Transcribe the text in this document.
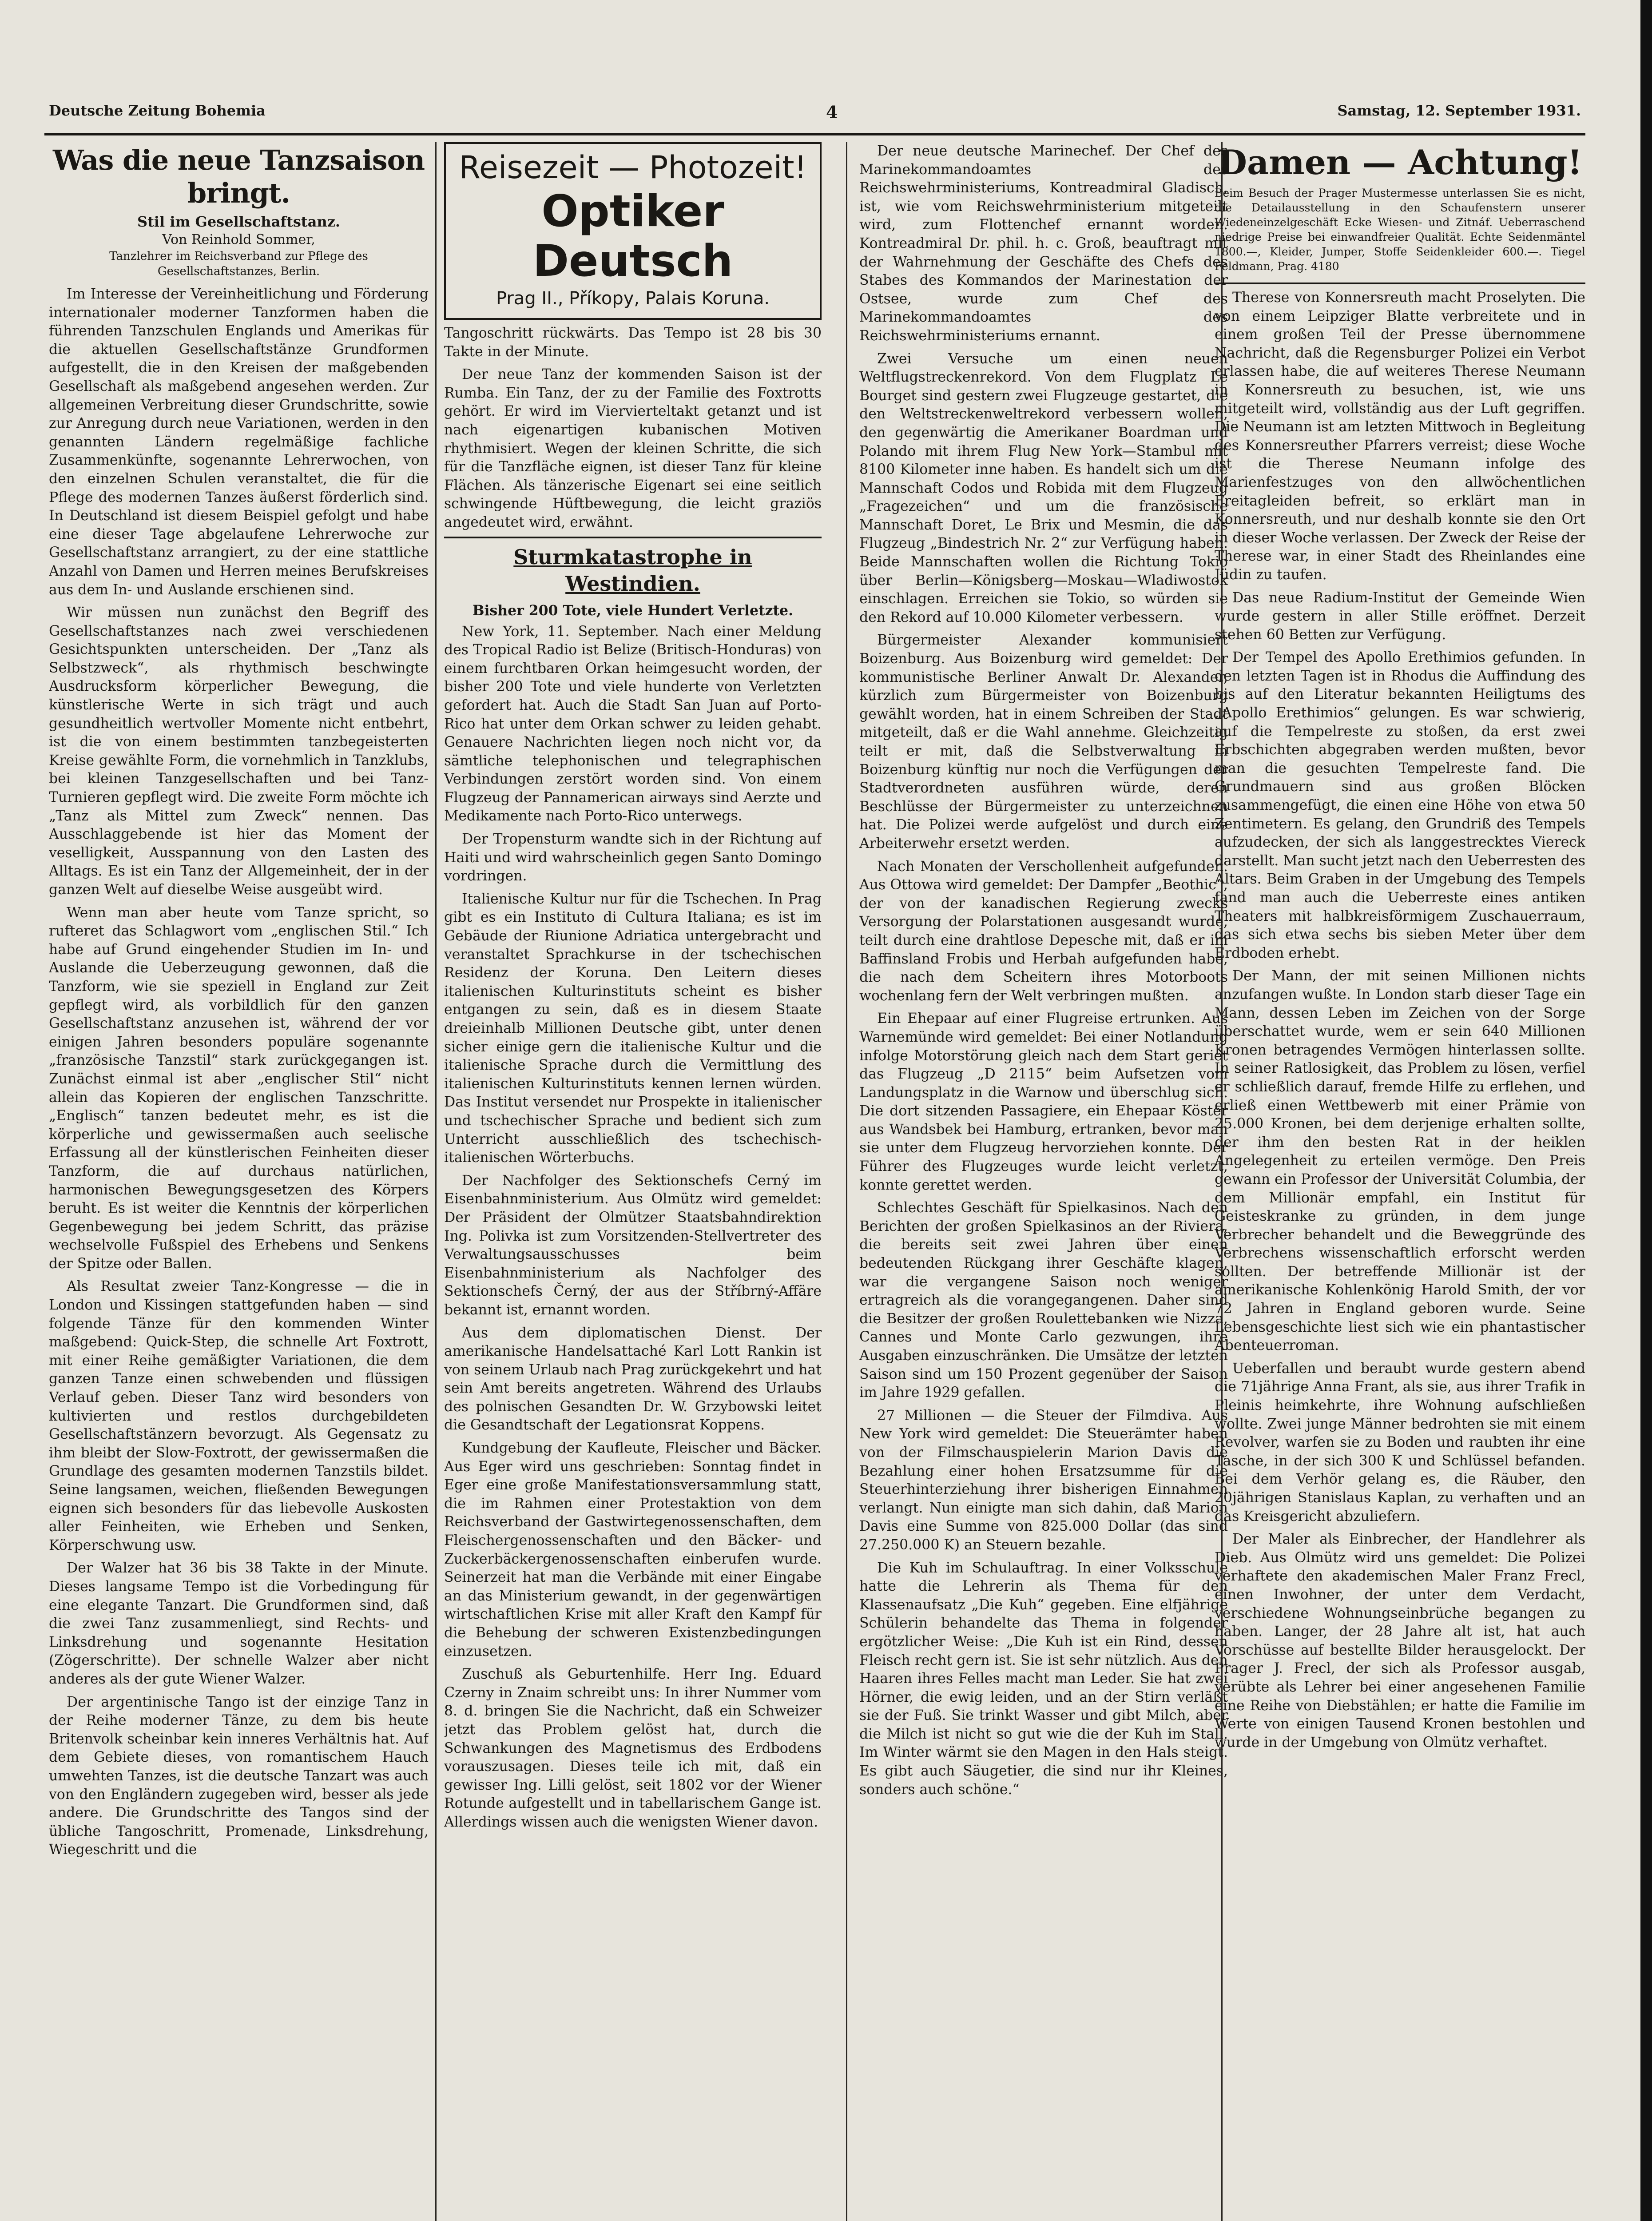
Deutsche Zeitung Bohemia	4	Samstag, 12. September 1931.
Was die neue Tanzsaison bringt.
Stil im Gesellschaftstanz.
Von Reinhold Sommer,
Tanzlehrer im Reichsverband zur Pflege des Gesellschaftstanzes, Berlin.

Im Interesse der Vereinheitlichung und Förderung internationaler moderner Tanzformen haben die führenden Tanzschulen Englands und Amerikas für die aktuellen Gesellschaftstänze Grundformen aufgestellt, die in den Kreisen der maßgebenden Gesellschaft als maßgebend angesehen werden. Zur allgemeinen Verbreitung dieser Grundschritte, sowie zur Anregung durch neue Variationen, werden in den genannten Ländern regelmäßige fachliche Zusammenkünfte, sogenannte Lehrerwochen, von den einzelnen Schulen veranstaltet, die für die Pflege des modernen Tanzes äußerst förderlich sind. In Deutschland ist diesem Beispiel gefolgt und habe eine dieser Tage abgelaufene Lehrerwoche zur Gesellschaftstanz arrangiert, zu der eine stattliche Anzahl von Damen und Herren meines Berufskreises aus dem In- und Auslande erschienen sind.

Wir müssen nun zunächst den Begriff des Gesellschaftstanzes nach zwei verschiedenen Gesichtspunkten unterscheiden. Der „Tanz als Selbstzweck“, als rhythmisch beschwingte Ausdrucksform körperlicher Bewegung, die künstlerische Werte in sich trägt und auch gesundheitlich wertvoller Momente nicht entbehrt, ist die von einem bestimmten tanzbegeisterten Kreise gewählte Form, die vornehmlich in Tanzklubs, bei kleinen Tanzgesellschaften und bei Tanz-Turnieren gepflegt wird. Die zweite Form möchte ich „Tanz als Mittel zum Zweck“ nennen. Das Ausschlaggebende ist hier das Moment der veselligkeit, Ausspannung von den Lasten des Alltags. Es ist ein Tanz der Allgemeinheit, der in der ganzen Welt auf dieselbe Weise ausgeübt wird.

Wenn man aber heute vom Tanze spricht, so rufteret das Schlagwort vom „englischen Stil.“ Ich habe auf Grund eingehender Studien im In- und Auslande die Ueberzeugung gewonnen, daß die Tanzform, wie sie speziell in England zur Zeit gepflegt wird, als vorbildlich für den ganzen Gesellschaftstanz anzusehen ist, während der vor einigen Jahren besonders populäre sogenannte „französische Tanzstil“ stark zurückgegangen ist. Zunächst einmal ist aber „englischer Stil“ nicht allein das Kopieren der englischen Tanzschritte. „Englisch“ tanzen bedeutet mehr, es ist die körperliche und gewissermaßen auch seelische Erfassung all der künstlerischen Feinheiten dieser Tanzform, die auf durchaus natürlichen, harmonischen Bewegungsgesetzen des Körpers beruht. Es ist weiter die Kenntnis der körperlichen Gegenbewegung bei jedem Schritt, das präzise wechselvolle Fußspiel des Erhebens und Senkens der Spitze oder Ballen.

Als Resultat zweier Tanz-Kongresse — die in London und Kissingen stattgefunden haben — sind folgende Tänze für den kommenden Winter maßgebend: Quick-Step, die schnelle Art Foxtrott, mit einer Reihe gemäßigter Variationen, die dem ganzen Tanze einen schwebenden und flüssigen Verlauf geben. Dieser Tanz wird besonders von kultivierten und restlos durchgebildeten Gesellschaftstänzern bevorzugt. Als Gegensatz zu ihm bleibt der Slow-Foxtrott, der gewissermaßen die Grundlage des gesamten modernen Tanzstils bildet. Seine langsamen, weichen, fließenden Bewegungen eignen sich besonders für das liebevolle Auskosten aller Feinheiten, wie Erheben und Senken, Körperschwung usw.

Der Walzer hat 36 bis 38 Takte in der Minute. Dieses langsame Tempo ist die Vorbedingung für eine elegante Tanzart. Die Grundformen sind, daß die zwei Tanz zusammenliegt, sind Rechts- und Linksdrehung und sogenannte Hesitation (Zögerschritte). Der schnelle Walzer aber nicht anderes als der gute Wiener Walzer.

Der argentinische Tango ist der einzige Tanz in der Reihe moderner Tänze, zu dem bis heute Britenvolk scheinbar kein inneres Verhältnis hat. Auf dem Gebiete dieses, von romantischem Hauch umwehten Tanzes, ist die deutsche Tanzart was auch von den Engländern zugegeben wird, besser als jede andere. Die Grundschritte des Tangos sind der übliche Tangoschritt, Promenade, Linksdrehung, Wiegeschritt und die

Reisezeit — Photozeit!
Optiker Deutsch
Prag II., Příkopy, Palais Koruna.

Tangoschritt rückwärts. Das Tempo ist 28 bis 30 Takte in der Minute.

Der neue Tanz der kommenden Saison ist der Rumba. Ein Tanz, der zu der Familie des Foxtrotts gehört. Er wird im Viervierteltakt getanzt und ist nach eigenartigen kubanischen Motiven rhythmisiert. Wegen der kleinen Schritte, die sich für die Tanzfläche eignen, ist dieser Tanz für kleine Flächen. Als tänzerische Eigenart sei eine seitlich schwingende Hüftbewegung, die leicht graziös angedeutet wird, erwähnt.

Sturmkatastrophe in Westindien.
Bisher 200 Tote, viele Hundert Verletzte.

New York, 11. September. Nach einer Meldung des Tropical Radio ist Belize (Britisch-Honduras) von einem furchtbaren Orkan heimgesucht worden, der bisher 200 Tote und viele hunderte von Verletzten gefordert hat. Auch die Stadt San Juan auf Porto-Rico hat unter dem Orkan schwer zu leiden gehabt. Genauere Nachrichten liegen noch nicht vor, da sämtliche telephonischen und telegraphischen Verbindungen zerstört worden sind. Von einem Flugzeug der Pannamerican airways sind Aerzte und Medikamente nach Porto-Rico unterwegs.

Der Tropensturm wandte sich in der Richtung auf Haiti und wird wahrscheinlich gegen Santo Domingo vordringen.

Italienische Kultur nur für die Tschechen. In Prag gibt es ein Instituto di Cultura Italiana; es ist im Gebäude der Riunione Adriatica untergebracht und veranstaltet Sprachkurse in der tschechischen Residenz der Koruna. Den Leitern dieses italienischen Kulturinstituts scheint es bisher entgangen zu sein, daß es in diesem Staate dreieinhalb Millionen Deutsche gibt, unter denen sicher einige gern die italienische Kultur und die italienische Sprache durch die Vermittlung des italienischen Kulturinstituts kennen lernen würden. Das Institut versendet nur Prospekte in italienischer und tschechischer Sprache und bedient sich zum Unterricht ausschließlich des tschechisch-italienischen Wörterbuchs.

Der Nachfolger des Sektionschefs Cerný im Eisenbahnministerium. Aus Olmütz wird gemeldet: Der Präsident der Olmützer Staatsbahndirektion Ing. Polivka ist zum Vorsitzenden-Stellvertreter des Verwaltungsausschusses beim Eisenbahnministerium als Nachfolger des Sektionschefs Černý, der aus der Stříbrný-Affäre bekannt ist, ernannt worden.

Aus dem diplomatischen Dienst. Der amerikanische Handelsattaché Karl Lott Rankin ist von seinem Urlaub nach Prag zurückgekehrt und hat sein Amt bereits angetreten. Während des Urlaubs des polnischen Gesandten Dr. W. Grzybowski leitet die Gesandtschaft der Legationsrat Koppens.

Kundgebung der Kaufleute, Fleischer und Bäcker. Aus Eger wird uns geschrieben: Sonntag findet in Eger eine große Manifestationsversammlung statt, die im Rahmen einer Protestaktion von dem Reichsverband der Gastwirtegenossenschaften, dem Fleischergenossenschaften und den Bäcker- und Zuckerbäckergenossenschaften einberufen wurde. Seinerzeit hat man die Verbände mit einer Eingabe an das Ministerium gewandt, in der gegenwärtigen wirtschaftlichen Krise mit aller Kraft den Kampf für die Behebung der schweren Existenzbedingungen einzusetzen.

Zuschuß als Geburtenhilfe. Herr Ing. Eduard Czerny in Znaim schreibt uns: In ihrer Nummer vom 8. d. bringen Sie die Nachricht, daß ein Schweizer jetzt das Problem gelöst hat, durch die Schwankungen des Magnetismus des Erdbodens vorauszusagen. Dieses teile ich mit, daß ein gewisser Ing. Lilli gelöst, seit 1802 vor der Wiener Rotunde aufgestellt und in tabellarischem Gange ist. Allerdings wissen auch die wenigsten Wiener davon.

Der neue deutsche Marinechef. Der Chef des Marinekommandoamtes des Reichswehrministeriums, Kontreadmiral Gladisch, ist, wie vom Reichswehrministerium mitgeteilt wird, zum Flottenchef ernannt worden. Kontreadmiral Dr. phil. h. c. Groß, beauftragt mit der Wahrnehmung der Geschäfte des Chefs des Stabes des Kommandos der Marinestation der Ostsee, wurde zum Chef des Marinekommandoamtes des Reichswehrministeriums ernannt.

Zwei Versuche um einen neuen Weltflugstreckenrekord. Von dem Flugplatz Le Bourget sind gestern zwei Flugzeuge gestartet, die den Weltstreckenweltrekord verbessern wollen, den gegenwärtig die Amerikaner Boardman und Polando mit ihrem Flug New York—Stambul mit 8100 Kilometer inne haben. Es handelt sich um die Mannschaft Codos und Robida mit dem Flugzeug „Fragezeichen“ und um die französische Mannschaft Doret, Le Brix und Mesmin, die das Flugzeug „Bindestrich Nr. 2“ zur Verfügung haben. Beide Mannschaften wollen die Richtung Tokio über Berlin—Königsberg—Moskau—Wladiwostok einschlagen. Erreichen sie Tokio, so würden sie den Rekord auf 10.000 Kilometer verbessern.

Bürgermeister Alexander kommunisiert Boizenburg. Aus Boizenburg wird gemeldet: Der kommunistische Berliner Anwalt Dr. Alexander, kürzlich zum Bürgermeister von Boizenburg gewählt worden, hat in einem Schreiben der Stadt mitgeteilt, daß er die Wahl annehme. Gleichzeitig teilt er mit, daß die Selbstverwaltung in Boizenburg künftig nur noch die Verfügungen der Stadtverordneten ausführen würde, deren Beschlüsse der Bürgermeister zu unterzeichnen hat. Die Polizei werde aufgelöst und durch eine Arbeiterwehr ersetzt werden.

Nach Monaten der Verschollenheit aufgefunden. Aus Ottowa wird gemeldet: Der Dampfer „Beothic“, der von der kanadischen Regierung zwecks Versorgung der Polarstationen ausgesandt wurde, teilt durch eine drahtlose Depesche mit, daß er im Baffinsland Frobis und Herbah aufgefunden habe, die nach dem Scheitern ihres Motorboots wochenlang fern der Welt verbringen mußten.

Ein Ehepaar auf einer Flugreise ertrunken. Aus Warnemünde wird gemeldet: Bei einer Notlandung infolge Motorstörung gleich nach dem Start geriet das Flugzeug „D 2115“ beim Aufsetzen vom Landungsplatz in die Warnow und überschlug sich. Die dort sitzenden Passagiere, ein Ehepaar Köster aus Wandsbek bei Hamburg, ertranken, bevor man sie unter dem Flugzeug hervorziehen konnte. Der Führer des Flugzeuges wurde leicht verletzt, konnte gerettet werden.

Schlechtes Geschäft für Spielkasinos. Nach den Berichten der großen Spielkasinos an der Riviera, die bereits seit zwei Jahren über einen bedeutenden Rückgang ihrer Geschäfte klagen, war die vergangene Saison noch weniger ertragreich als die vorangegangenen. Daher sind die Besitzer der großen Roulettebanken wie Nizza, Cannes und Monte Carlo gezwungen, ihre Ausgaben einzuschränken. Die Umsätze der letzten Saison sind um 150 Prozent gegenüber der Saison im Jahre 1929 gefallen.

27 Millionen — die Steuer der Filmdiva. Aus New York wird gemeldet: Die Steuerämter haben von der Filmschauspielerin Marion Davis die Bezahlung einer hohen Ersatzsumme für die Steuerhinterziehung ihrer bisherigen Einnahmen verlangt. Nun einigte man sich dahin, daß Marion Davis eine Summe von 825.000 Dollar (das sind 27.250.000 K) an Steuern bezahle.

Die Kuh im Schulauftrag. In einer Volksschule hatte die Lehrerin als Thema für den Klassenaufsatz „Die Kuh“ gegeben. Eine elfjährige Schülerin behandelte das Thema in folgender ergötzlicher Weise: „Die Kuh ist ein Rind, dessen Fleisch recht gern ist. Sie ist sehr nützlich. Aus den Haaren ihres Felles macht man Leder. Sie hat zwei Hörner, die ewig leiden, und an der Stirn verläßt sie der Fuß. Sie trinkt Wasser und gibt Milch, aber die Milch ist nicht so gut wie die der Kuh im Stall. Im Winter wärmt sie den Magen in den Hals steigt. Es gibt auch Säugetier, die sind nur ihr Kleines, sonders auch schöne.“

Damen — Achtung!

Beim Besuch der Prager Mustermesse unterlassen Sie es nicht, die Detailausstellung in den Schaufenstern unserer Wiedeneinzelgeschäft Ecke Wiesen- und Zitnáf. Ueberraschend niedrige Preise bei einwandfreier Qualität. Echte Seidenmäntel 1800.—, Kleider, Jumper, Stoffe Seidenkleider 600.—. Tiegel Feldmann, Prag. 4180

Therese von Konnersreuth macht Proselyten. Die von einem Leipziger Blatte verbreitete und in einem großen Teil der Presse übernommene Nachricht, daß die Regensburger Polizei ein Verbot erlassen habe, die auf weiteres Therese Neumann in Konnersreuth zu besuchen, ist, wie uns mitgeteilt wird, vollständig aus der Luft gegriffen. Die Neumann ist am letzten Mittwoch in Begleitung des Konnersreuther Pfarrers verreist; diese Woche ist die Therese Neumann infolge des Marienfestzuges von den allwöchentlichen Freitagleiden befreit, so erklärt man in Konnersreuth, und nur deshalb konnte sie den Ort in dieser Woche verlassen. Der Zweck der Reise der Therese war, in einer Stadt des Rheinlandes eine Jüdin zu taufen.

Das neue Radium-Institut der Gemeinde Wien wurde gestern in aller Stille eröffnet. Derzeit stehen 60 Betten zur Verfügung.

Der Tempel des Apollo Erethimios gefunden. In den letzten Tagen ist in Rhodus die Auffindung des bis auf den Literatur bekannten Heiligtums des „Apollo Erethimios“ gelungen. Es war schwierig, auf die Tempelreste zu stoßen, da erst zwei Erbschichten abgegraben werden mußten, bevor man die gesuchten Tempelreste fand. Die Grundmauern sind aus großen Blöcken zusammengefügt, die einen eine Höhe von etwa 50 Zentimetern. Es gelang, den Grundriß des Tempels aufzudecken, der sich als langgestrecktes Viereck darstellt. Man sucht jetzt nach den Ueberresten des Altars. Beim Graben in der Umgebung des Tempels fand man auch die Ueberreste eines antiken Theaters mit halbkreisförmigem Zuschauerraum, das sich etwa sechs bis sieben Meter über dem Erdboden erhebt.

Der Mann, der mit seinen Millionen nichts anzufangen wußte. In London starb dieser Tage ein Mann, dessen Leben im Zeichen von der Sorge überschattet wurde, wem er sein 640 Millionen Kronen betragendes Vermögen hinterlassen sollte. In seiner Ratlosigkeit, das Problem zu lösen, verfiel er schließlich darauf, fremde Hilfe zu erflehen, und erließ einen Wettbewerb mit einer Prämie von 25.000 Kronen, bei dem derjenige erhalten sollte, der ihm den besten Rat in der heiklen Angelegenheit zu erteilen vermöge. Den Preis gewann ein Professor der Universität Columbia, der dem Millionär empfahl, ein Institut für Geisteskranke zu gründen, in dem junge Verbrecher behandelt und die Beweggründe des Verbrechens wissenschaftlich erforscht werden sollten. Der betreffende Millionär ist der amerikanische Kohlenkönig Harold Smith, der vor 72 Jahren in England geboren wurde. Seine Lebensgeschichte liest sich wie ein phantastischer Abenteuerroman.

Ueberfallen und beraubt wurde gestern abend die 71jährige Anna Frant, als sie, aus ihrer Trafik in Pleinis heimkehrte, ihre Wohnung aufschließen wollte. Zwei junge Männer bedrohten sie mit einem Revolver, warfen sie zu Boden und raubten ihr eine Tasche, in der sich 300 K und Schlüssel befanden. Bei dem Verhör gelang es, die Räuber, den 20jährigen Stanislaus Kaplan, zu verhaften und an das Kreisgericht abzuliefern.

Der Maler als Einbrecher, der Handlehrer als Dieb. Aus Olmütz wird uns gemeldet: Die Polizei verhaftete den akademischen Maler Franz Frecl, einen Inwohner, der unter dem Verdacht, verschiedene Wohnungseinbrüche begangen zu haben. Langer, der 28 Jahre alt ist, hat auch Vorschüsse auf bestellte Bilder herausgelockt. Der Prager J. Frecl, der sich als Professor ausgab, verübte als Lehrer bei einer angesehenen Familie eine Reihe von Diebstählen; er hatte die Familie im Werte von einigen Tausend Kronen bestohlen und wurde in der Umgebung von Olmütz verhaftet.
